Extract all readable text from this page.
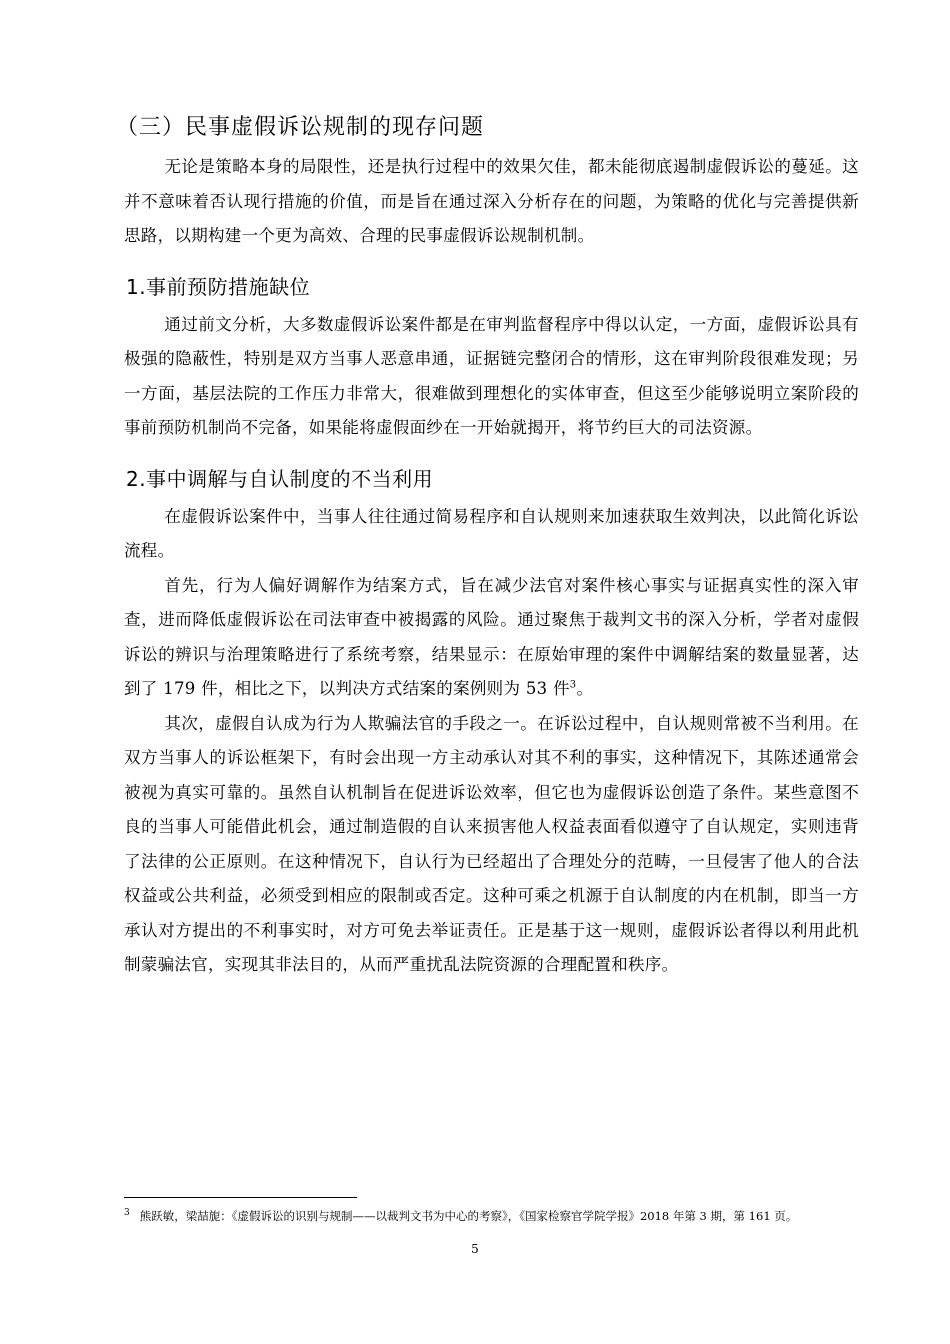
（三）民事虚假诉讼规制的现存问题

无论是策略本身的局限性，还是执行过程中的效果欠佳，都未能彻底遏制虚假诉讼的蔓延。这并不意味着否认现行措施的价值，而是旨在通过深入分析存在的问题，为策略的优化与完善提供新思路，以期构建一个更为高效、合理的民事虚假诉讼规制机制。

1.事前预防措施缺位

通过前文分析，大多数虚假诉讼案件都是在审判监督程序中得以认定，一方面，虚假诉讼具有极强的隐蔽性，特别是双方当事人恶意串通，证据链完整闭合的情形，这在审判阶段很难发现；另一方面，基层法院的工作压力非常大，很难做到理想化的实体审查，但这至少能够说明立案阶段的事前预防机制尚不完备，如果能将虚假面纱在一开始就揭开，将节约巨大的司法资源。

2.事中调解与自认制度的不当利用

在虚假诉讼案件中，当事人往往通过简易程序和自认规则来加速获取生效判决，以此简化诉讼流程。

首先，行为人偏好调解作为结案方式，旨在减少法官对案件核心事实与证据真实性的深入审查，进而降低虚假诉讼在司法审查中被揭露的风险。通过聚焦于裁判文书的深入分析，学者对虚假诉讼的辨识与治理策略进行了系统考察，结果显示：在原始审理的案件中调解结案的数量显著，达到了 179 件，相比之下，以判决方式结案的案例则为 53 件$^3$。

其次，虚假自认成为行为人欺骗法官的手段之一。在诉讼过程中，自认规则常被不当利用。在双方当事人的诉讼框架下，有时会出现一方主动承认对其不利的事实，这种情况下，其陈述通常会被视为真实可靠的。虽然自认机制旨在促进诉讼效率，但它也为虚假诉讼创造了条件。某些意图不良的当事人可能借此机会，通过制造假的自认来损害他人权益表面看似遵守了自认规定，实则违背了法律的公正原则。在这种情况下，自认行为已经超出了合理处分的范畴，一旦侵害了他人的合法权益或公共利益，必须受到相应的限制或否定。这种可乘之机源于自认制度的内在机制，即当一方承认对方提出的不利事实时，对方可免去举证责任。正是基于这一规则，虚假诉讼者得以利用此机制蒙骗法官，实现其非法目的，从而严重扰乱法院资源的合理配置和秩序。

$^3$ 熊跃敏，梁喆旎：《虚假诉讼的识别与规制——以裁判文书为中心的考察》，《国家检察官学院学报》2018 年第 3 期，第 161 页。
5
